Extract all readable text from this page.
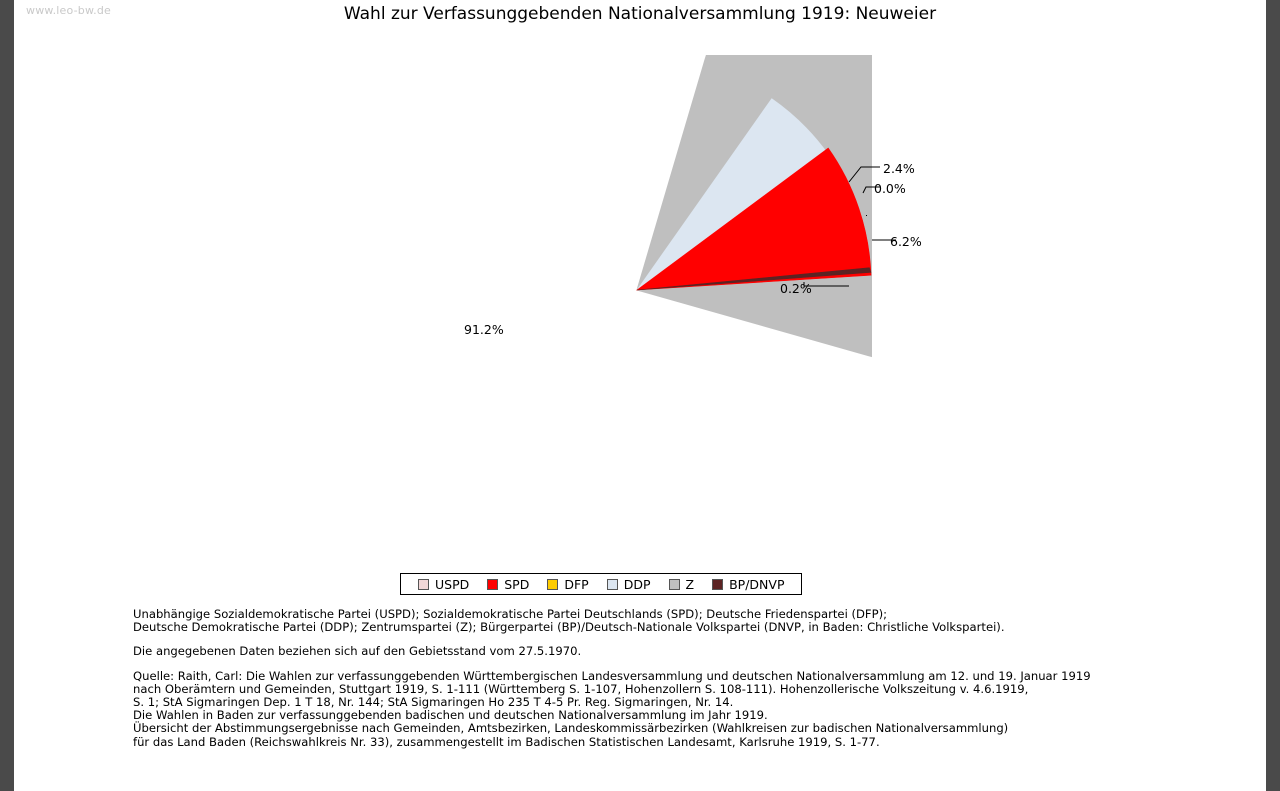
www.leo-bw.de	Wahl zur Verfassunggebenden Nationalversammlung 1919: Neuweier
2.4%
0.0%
6.2%
0.2%
91.2%
USPD	SPD	DFP	DDP	Z	BP/DNVP
Unabhängige Sozialdemokratische Partei (USPD); Sozialdemokratische Partei Deutschlands (SPD); Deutsche Friedenspartei (DFP);
Deutsche Demokratische Partei (DDP); Zentrumspartei (Z); Bürgerpartei (BP)/Deutsch-Nationale Volkspartei (DNVP, in Baden: Christliche Volkspartei).
Die angegebenen Daten beziehen sich auf den Gebietsstand vom 27.5.1970.
Quelle: Raith, Carl: Die Wahlen zur verfassunggebenden Württembergischen Landesversammlung und deutschen Nationalversammlung am 12. und 19. Januar 1919
nach Oberämtern und Gemeinden, Stuttgart 1919, S. 1-111 (Württemberg S. 1-107, Hohenzollern S. 108-111). Hohenzollerische Volkszeitung v. 4.6.1919,
S. 1; StA Sigmaringen Dep. 1 T 18, Nr. 144; StA Sigmaringen Ho 235 T 4-5 Pr. Reg. Sigmaringen, Nr. 14.
Die Wahlen in Baden zur verfassunggebenden badischen und deutschen Nationalversammlung im Jahr 1919.
Übersicht der Abstimmungsergebnisse nach Gemeinden, Amtsbezirken, Landeskommissärbezirken (Wahlkreisen zur badischen Nationalversammlung)
für das Land Baden (Reichswahlkreis Nr. 33), zusammengestellt im Badischen Statistischen Landesamt, Karlsruhe 1919, S. 1-77.
